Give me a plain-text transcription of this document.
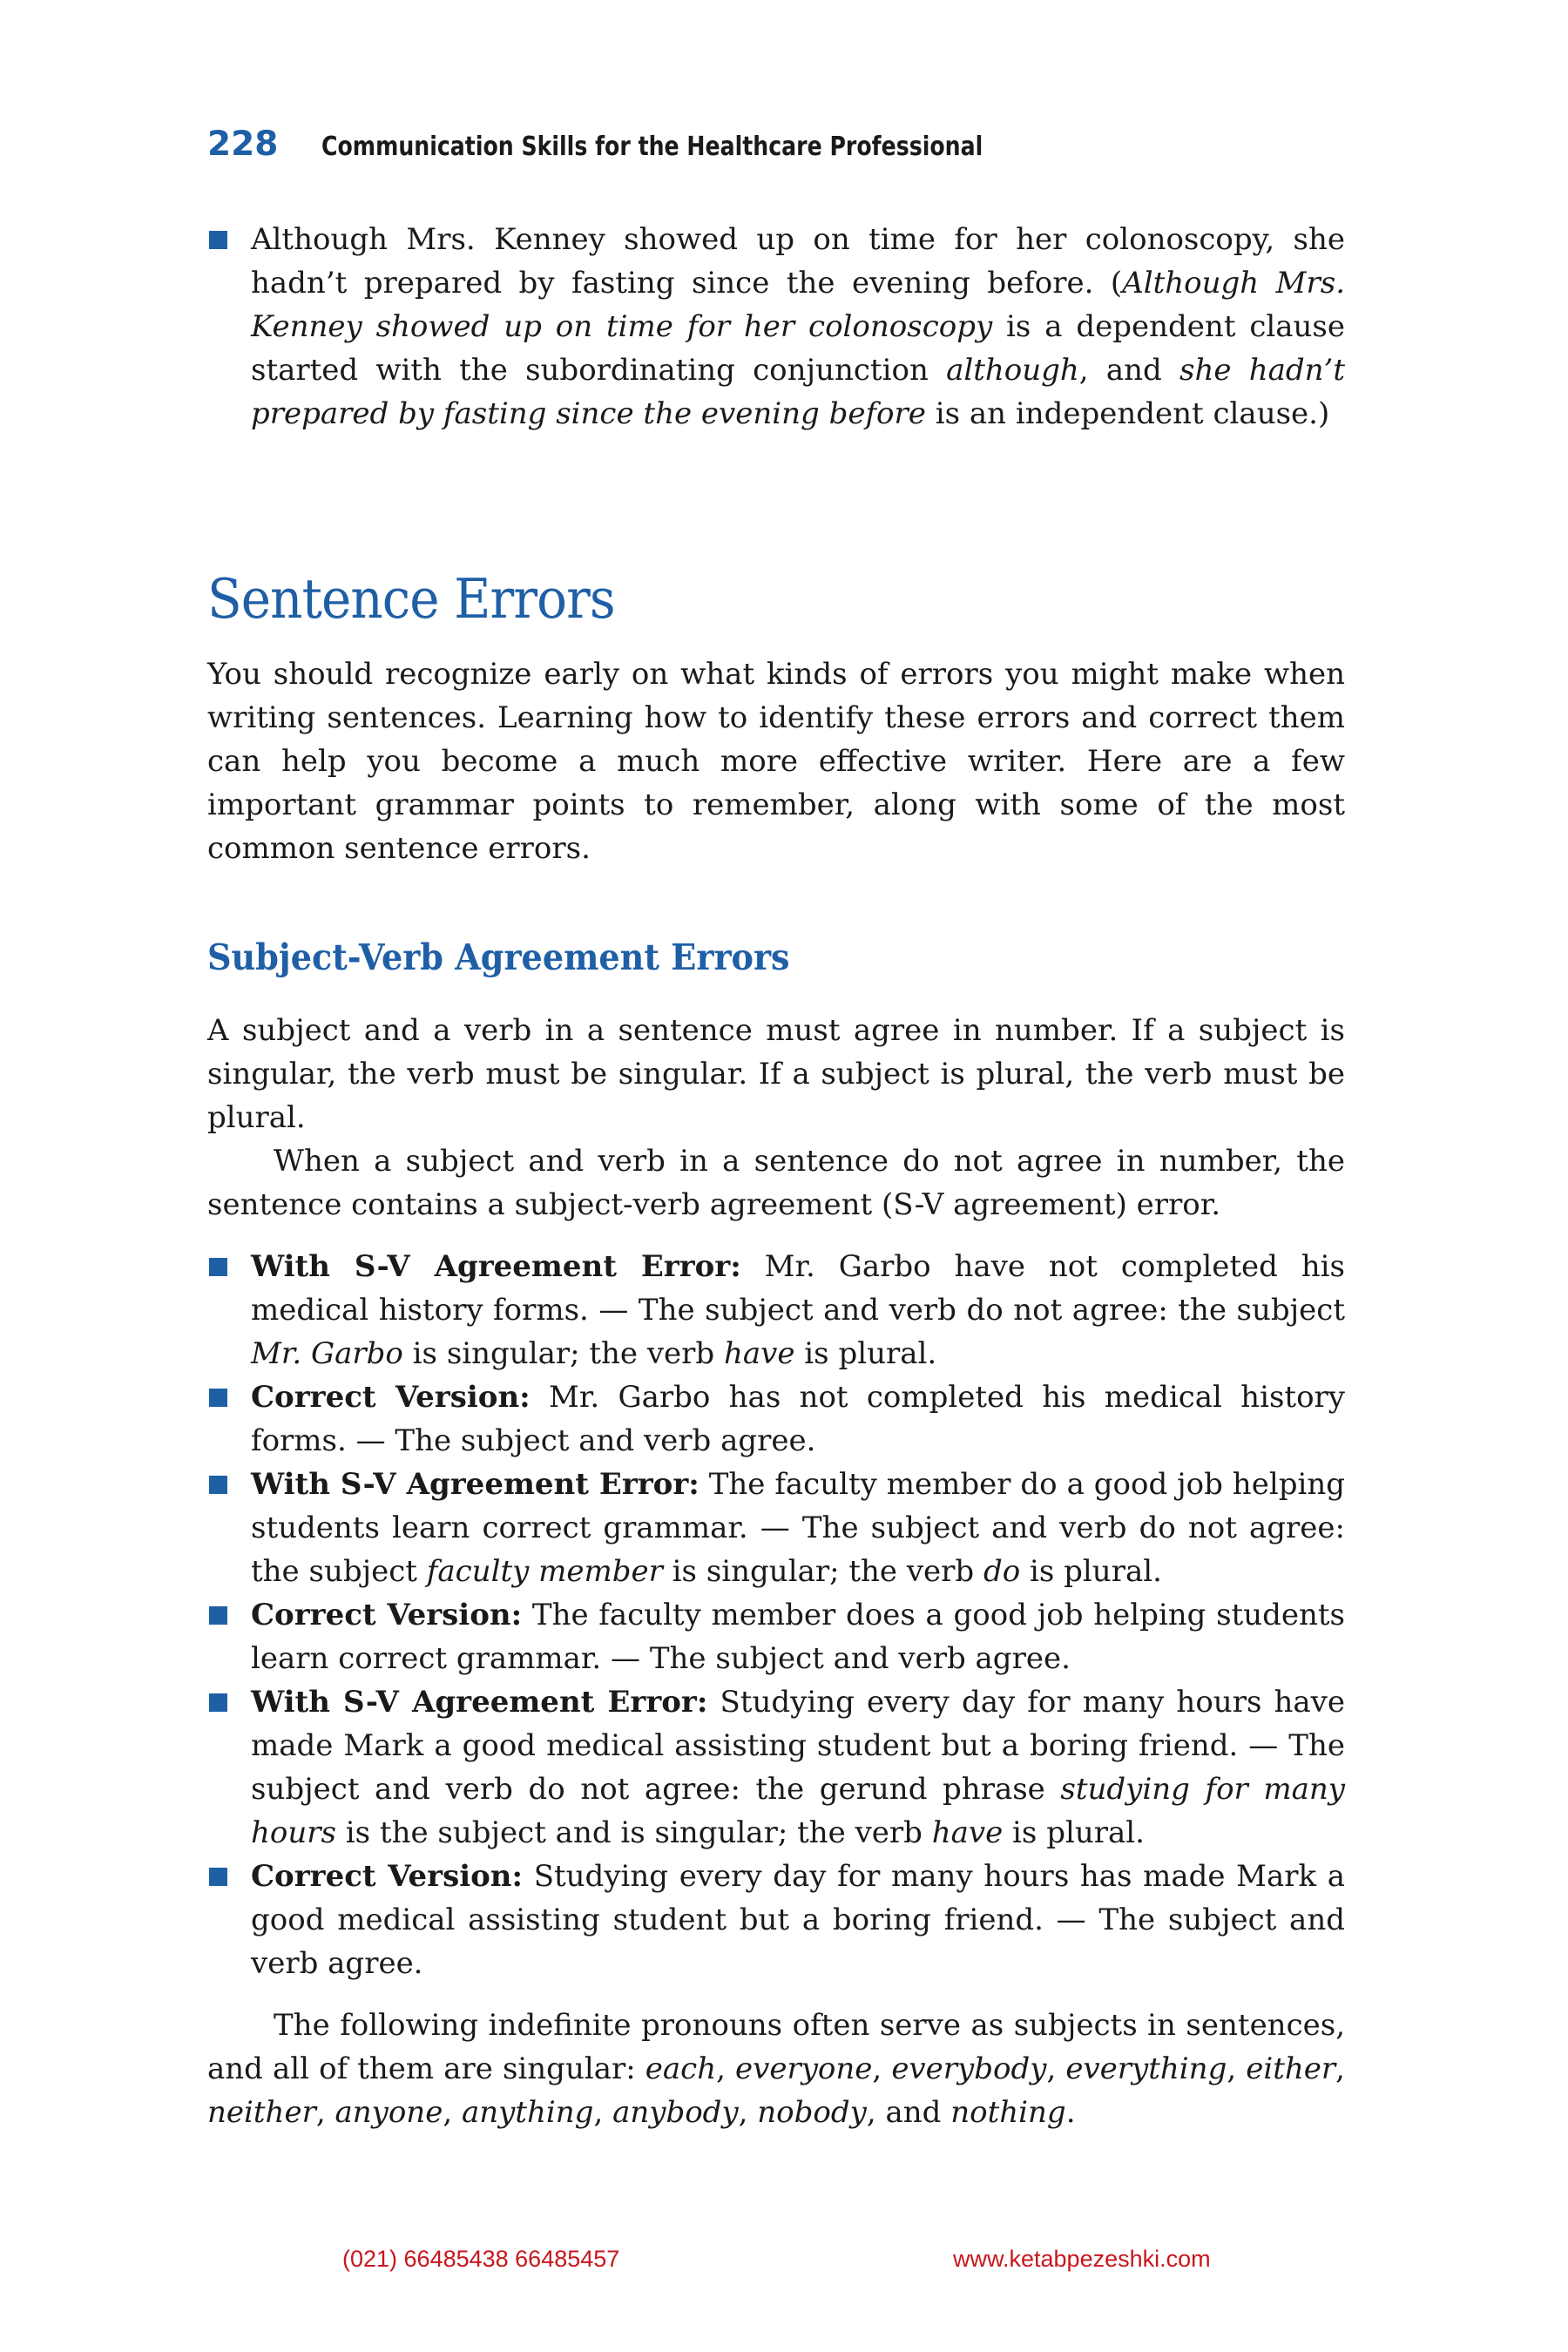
228 Communication Skills for the Healthcare Professional
Although Mrs. Kenney showed up on time for her colonoscopy, she hadn’t prepared by fasting since the evening before. (Although Mrs. Kenney showed up on time for her colonoscopy is a dependent clause started with the subordinating conjunction although, and she hadn’t prepared by fasting since the evening before is an independent clause.)
Sentence Errors

You should recognize early on what kinds of errors you might make when writing sentences. Learning how to identify these errors and correct them can help you become a much more effective writer. Here are a few important grammar points to remember, along with some of the most common sentence errors.

Subject-Verb Agreement Errors

A subject and a verb in a sentence must agree in number. If a subject is singular, the verb must be singular. If a subject is plural, the verb must be plural.

When a subject and verb in a sentence do not agree in number, the sentence contains a subject-verb agreement (S-V agreement) error.

With S-V Agreement Error: Mr. Garbo have not completed his medical history forms. — The subject and verb do not agree: the subject Mr. Garbo is singular; the verb have is plural.
Correct Version: Mr. Garbo has not completed his medical history forms. — The subject and verb agree.
With S-V Agreement Error: The faculty member do a good job helping students learn correct grammar. — The subject and verb do not agree: the subject faculty member is singular; the verb do is plural.
Correct Version: The faculty member does a good job helping students learn correct grammar. — The subject and verb agree.
With S-V Agreement Error: Studying every day for many hours have made Mark a good medical assisting student but a boring friend. — The subject and verb do not agree: the gerund phrase studying for many hours is the subject and is singular; the verb have is plural.
Correct Version: Studying every day for many hours has made Mark a good medical assisting student but a boring friend. — The subject and verb agree.

The following indefinite pronouns often serve as subjects in sentences, and all of them are singular: each, everyone, everybody, everything, either, neither, anyone, anything, anybody, nobody, and nothing.

(021) 66485438 66485457	www.ketabpezeshki.com
